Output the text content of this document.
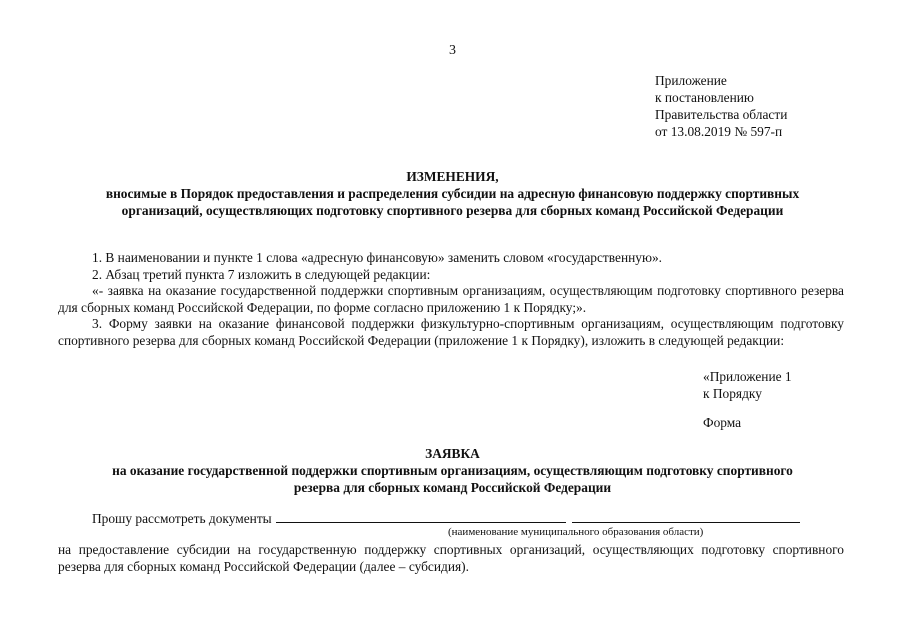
3
Приложение
к постановлению
Правительства области
от 13.08.2019 № 597-п
ИЗМЕНЕНИЯ,
вносимые в Порядок предоставления и распределения субсидии на адресную финансовую поддержку спортивных организаций, осуществляющих подготовку спортивного резерва для сборных команд Российской Федерации

1. В наименовании и пункте 1 слова «адресную финансовую» заменить словом «государственную».

2. Абзац третий пункта 7 изложить в следующей редакции:

«- заявка на оказание государственной поддержки спортивным организациям, осуществляющим подготовку спортивного резерва для сборных команд Российской Федерации, по форме согласно приложению 1 к Порядку;».

3. Форму заявки на оказание финансовой поддержки физкультурно-спортивным организациям, осуществляющим подготовку спортивного резерва для сборных команд Российской Федерации (приложение 1 к Порядку), изложить в следующей редакции:

«Приложение 1
к Порядку
Форма
ЗАЯВКА
на оказание государственной поддержки спортивным организациям, осуществляющим подготовку спортивного резерва для сборных команд Российской Федерации
Прошу рассмотреть документы
(наименование муниципального образования области)

на предоставление субсидии на государственную поддержку спортивных организаций, осуществляющих подготовку спортивного резерва для сборных команд Российской Федерации (далее – субсидия).
